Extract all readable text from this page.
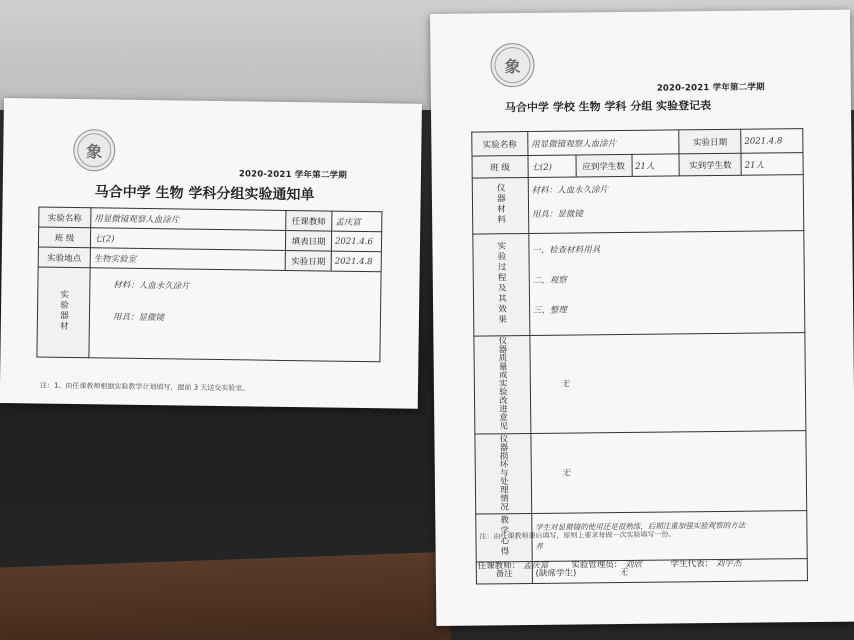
象
2020-2021 学年第二学期
马合中学 生物 学科分组实验通知单
实验名称	用显微镜观察人血涂片	任课教师	孟庆富
班 级	七(2)	填表日期	2021.4.6
实验地点	生物实验室	实验日期	2021.4.8
实验器材	材料：人血永久涂片
用具：显微镜		
注：1、由任课教师根据实验教学计划填写，提前 3 天送交实验室。
象
2020-2021 学年第二学期
马合中学 学校 生物 学科 分组 实验登记表
实验名称	用显微镜观察人血涂片			实验日期	2021.4.8
班 级	七(2)	应到学生数	21人	实到学生数	21人
仪器材料	材料：人血永久涂片
用具：显微镜				

实验过程及其效果	一、检查材料用具
二、观察
三、整理				

仪器质量或实验改进意见	无				
仪器损坏与处理情况	无				
教学心得	学生对显微镜的使用还是很熟练，后期注重加强实验观察的方法
养				

备注	(缺席学生) 无				
注：由任课教师课后填写，原则上要求每做一次实验填写一份。
任课教师： 孟庆富	实验管理员： 刘欣	学生代表： 刘宇杰
